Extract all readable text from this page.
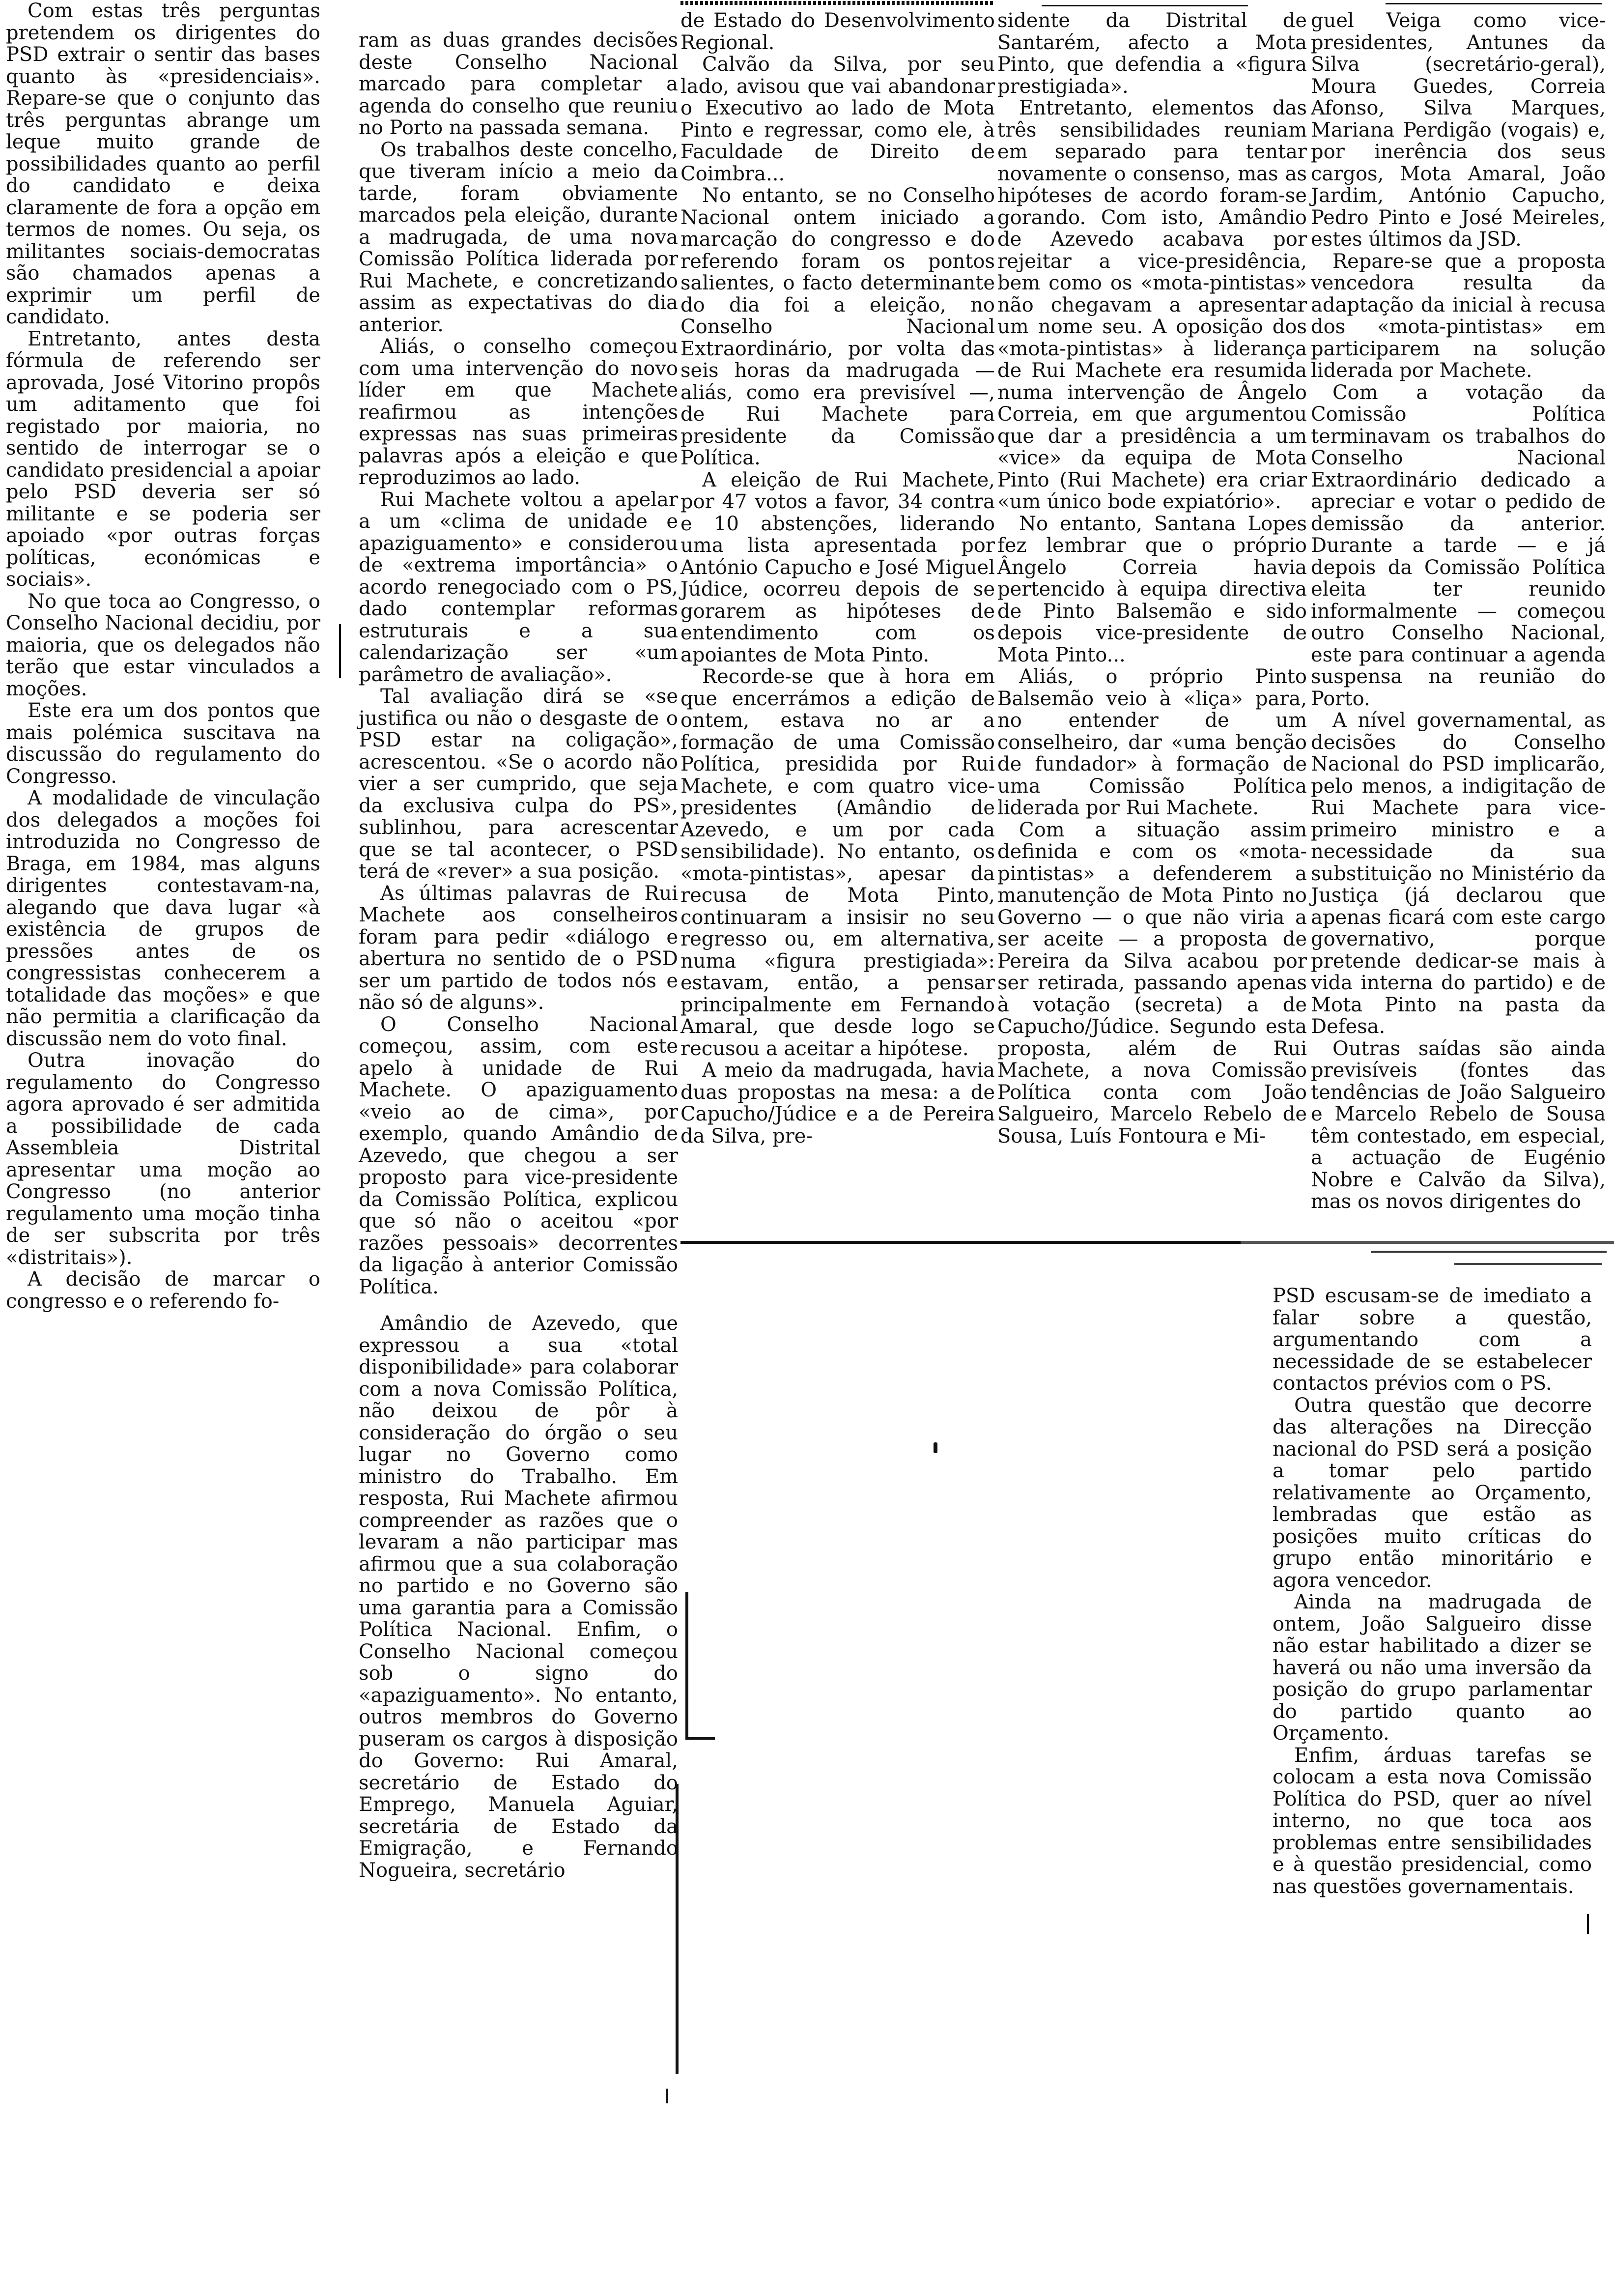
Com estas três perguntas pretendem os dirigentes do PSD extrair o sentir das bases quanto às «presidenciais». Repare-se que o conjunto das três perguntas abrange um leque muito grande de possibilidades quanto ao perfil do candidato e deixa claramente de fora a opção em termos de nomes. Ou seja, os militantes sociais-democratas são chamados apenas a exprimir um perfil de candidato.

Entretanto, antes desta fórmula de referendo ser aprovada, José Vitorino propôs um aditamento que foi registado por maioria, no sentido de interrogar se o candidato presidencial a apoiar pelo PSD deveria ser só militante e se poderia ser apoiado «por outras forças políticas, económicas e sociais».

No que toca ao Congresso, o Conselho Nacional decidiu, por maioria, que os delegados não terão que estar vinculados a moções.

Este era um dos pontos que mais polémica suscitava na discussão do regulamento do Congresso.

A modalidade de vinculação dos delegados a moções foi introduzida no Congresso de Braga, em 1984, mas alguns dirigentes contestavam-na, alegando que dava lugar «à existência de grupos de pressões antes de os congressistas conhecerem a totalidade das moções» e que não permitia a clarificação da discussão nem do voto final.

Outra inovação do regulamento do Congresso agora aprovado é ser admitida a possibilidade de cada Assembleia Distrital apresentar uma moção ao Congresso (no anterior regulamento uma moção tinha de ser subscrita por três «distritais»).

A decisão de marcar o congresso e o referendo fo-

ram as duas grandes decisões deste Conselho Nacional marcado para completar a agenda do conselho que reuniu no Porto na passada semana.

Os trabalhos deste concelho, que tiveram início a meio da tarde, foram obviamente marcados pela eleição, durante a madrugada, de uma nova Comissão Política liderada por Rui Machete, e concretizando assim as expectativas do dia anterior.

Aliás, o conselho começou com uma intervenção do novo líder em que Machete reafirmou as intenções expressas nas suas primeiras palavras após a eleição e que reproduzimos ao lado.

Rui Machete voltou a apelar a um «clima de unidade e apaziguamento» e considerou de «extrema importância» o acordo renegociado com o PS, dado contemplar reformas estruturais e a sua calendarização ser «um parâmetro de avaliação».

Tal avaliação dirá se «se justifica ou não o desgaste de o PSD estar na coligação», acrescentou. «Se o acordo não vier a ser cumprido, que seja da exclusiva culpa do PS», sublinhou, para acrescentar que se tal acontecer, o PSD terá de «rever» a sua posição.

As últimas palavras de Rui Machete aos conselheiros foram para pedir «diálogo e abertura no sentido de o PSD ser um partido de todos nós e não só de alguns».

O Conselho Nacional começou, assim, com este apelo à unidade de Rui Machete. O apaziguamento «veio ao de cima», por exemplo, quando Amândio de Azevedo, que chegou a ser proposto para vice-presidente da Comissão Política, explicou que só não o aceitou «por razões pessoais» decorrentes da ligação à anterior Comissão Política.

Amândio de Azevedo, que expressou a sua «total disponibilidade» para colaborar com a nova Comissão Política, não deixou de pôr à consideração do órgão o seu lugar no Governo como ministro do Trabalho. Em resposta, Rui Machete afirmou compreender as razões que o levaram a não participar mas afirmou que a sua colaboração no partido e no Governo são uma garantia para a Comissão Política Nacional. Enfim, o Conselho Nacional começou sob o signo do «apaziguamento». No entanto, outros membros do Governo puseram os cargos à disposição do Governo: Rui Amaral, secretário de Estado do Emprego, Manuela Aguiar, secretária de Estado da Emigração, e Fernando Nogueira, secretário

de Estado do Desenvolvimento Regional.

Calvão da Silva, por seu lado, avisou que vai abandonar o Executivo ao lado de Mota Pinto e regressar, como ele, à Faculdade de Direito de Coimbra...

No entanto, se no Conselho Nacional ontem iniciado a marcação do congresso e do referendo foram os pontos salientes, o facto determinante do dia foi a eleição, no Conselho Nacional Extraordinário, por volta das seis horas da madrugada — aliás, como era previsível —, de Rui Machete para presidente da Comissão Política.

A eleição de Rui Machete, por 47 votos a favor, 34 contra e 10 abstenções, liderando uma lista apresentada por António Capucho e José Miguel Júdice, ocorreu depois de se gorarem as hipóteses de entendimento com os apoiantes de Mota Pinto.

Recorde-se que à hora em que encerrámos a edição de ontem, estava no ar a formação de uma Comissão Política, presidida por Rui Machete, e com quatro vice-presidentes (Amândio de Azevedo, e um por cada sensibilidade). No entanto, os «mota-pintistas», apesar da recusa de Mota Pinto, continuaram a insisir no seu regresso ou, em alternativa, numa «figura prestigiada»: estavam, então, a pensar principalmente em Fernando Amaral, que desde logo se recusou a aceitar a hipótese.

A meio da madrugada, havia duas propostas na mesa: a de Capucho/Júdice e a de Pereira da Silva, pre-

sidente da Distrital de Santarém, afecto a Mota Pinto, que defendia a «figura prestigiada».

Entretanto, elementos das três sensibilidades reuniam em separado para tentar novamente o consenso, mas as hipóteses de acordo foram-se gorando. Com isto, Amândio de Azevedo acabava por rejeitar a vice-presidência, bem como os «mota-pintistas» não chegavam a apresentar um nome seu. A oposição dos «mota-pintistas» à liderança de Rui Machete era resumida numa intervenção de Ângelo Correia, em que argumentou que dar a presidência a um «vice» da equipa de Mota Pinto (Rui Machete) era criar «um único bode expiatório».

No entanto, Santana Lopes fez lembrar que o próprio Ângelo Correia havia pertencido à equipa directiva de Pinto Balsemão e sido depois vice-presidente de Mota Pinto...

Aliás, o próprio Pinto Balsemão veio à «liça» para, no entender de um conselheiro, dar «uma benção de fundador» à formação de uma Comissão Política liderada por Rui Machete.

Com a situação assim definida e com os «mota-pintistas» a defenderem a manutenção de Mota Pinto no Governo — o que não viria a ser aceite — a proposta de Pereira da Silva acabou por ser retirada, passando apenas à votação (secreta) a de Capucho/Júdice. Segundo esta proposta, além de Rui Machete, a nova Comissão Política conta com João Salgueiro, Marcelo Rebelo de Sousa, Luís Fontoura e Mi-

guel Veiga como vice-presidentes, Antunes da Silva (secretário-geral), Moura Guedes, Correia Afonso, Silva Marques, Mariana Perdigão (vogais) e, por inerência dos seus cargos, Mota Amaral, João Jardim, António Capucho, Pedro Pinto e José Meireles, estes últimos da JSD.

Repare-se que a proposta vencedora resulta da adaptação da inicial à recusa dos «mota-pintistas» em participarem na solução liderada por Machete.

Com a votação da Comissão Política terminavam os trabalhos do Conselho Nacional Extraordinário dedicado a apreciar e votar o pedido de demissão da anterior. Durante a tarde — e já depois da Comissão Política eleita ter reunido informalmente — começou outro Conselho Nacional, este para continuar a agenda suspensa na reunião do Porto.

A nível governamental, as decisões do Conselho Nacional do PSD implicarão, pelo menos, a indigitação de Rui Machete para vice-primeiro ministro e a necessidade da sua substituição no Ministério da Justiça (já declarou que apenas ficará com este cargo governativo, porque pretende dedicar-se mais à vida interna do partido) e de Mota Pinto na pasta da Defesa.

Outras saídas são ainda previsíveis (fontes das tendências de João Salgueiro e Marcelo Rebelo de Sousa têm contestado, em especial, a actuação de Eugénio Nobre e Calvão da Silva), mas os novos dirigentes do

PSD escusam-se de imediato a falar sobre a questão, argumentando com a necessidade de se estabelecer contactos prévios com o PS.

Outra questão que decorre das alterações na Direcção nacional do PSD será a posição a tomar pelo partido relativamente ao Orçamento, lembradas que estão as posições muito críticas do grupo então minoritário e agora vencedor.

Ainda na madrugada de ontem, João Salgueiro disse não estar habilitado a dizer se haverá ou não uma inversão da posição do grupo parlamentar do partido quanto ao Orçamento.

Enfim, árduas tarefas se colocam a esta nova Comissão Política do PSD, quer ao nível interno, no que toca aos problemas entre sensibilidades e à questão presidencial, como nas questões governamentais.
